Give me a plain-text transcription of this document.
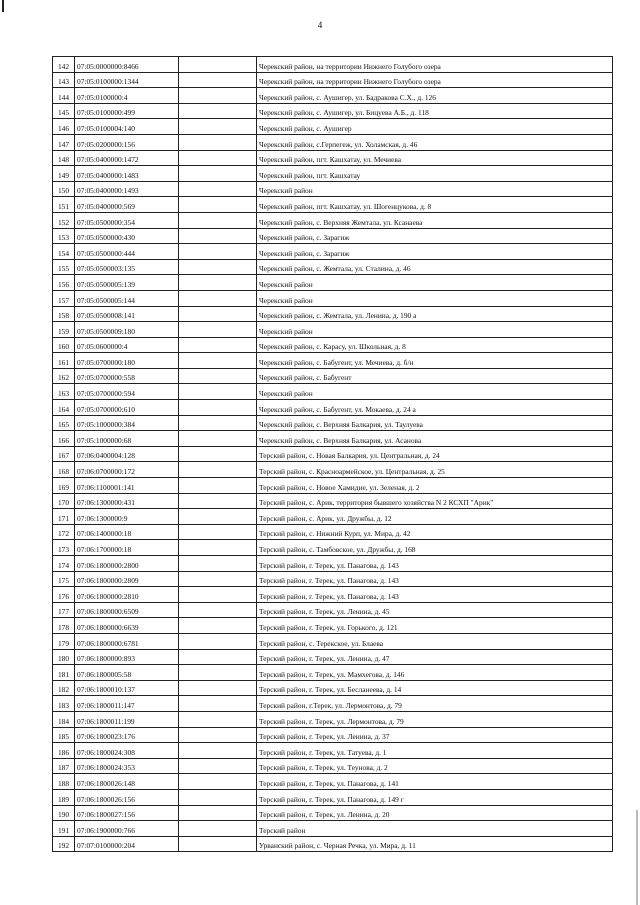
4
142	07:05:0000000:8466		Черекский район, на территории Нижнего Голубого озера
143	07:05:0100000:1344		Черекский район, на территории Нижнего Голубого озера
144	07:05:0100000:4		Черекский район, с. Аушигер, ул. Бадракова С.Х., д. 126
145	07:05:0100000:499		Черекский район, с. Аушигер, ул. Бицуева А.Б., д. 118
146	07:05:0100004:140		Черекский район, с. Аушигер
147	07:05:0200000:156		Черекский район, с.Герпегеж, ул. Холамская, д. 46
148	07:05:0400000:1472		Черекский район, пгт. Кашхатау, ул. Мечиева
149	07:05:0400000:1483		Черекский район, пгт. Кашхатау
150	07:05:0400000:1493		Черекский район
151	07:05:0400000:569		Черекский район, пгт. Кашхатау, ул. Шогенцукова, д. 8
152	07:05:0500000:354		Черекский район, с. Верхняя Жемтала, ул. Ксанаева
153	07:05:0500000:430		Черекский район, с. Зарагиж
154	07:05:0500000:444		Черекский район, с. Зарагиж
155	07:05:0500003:135		Черекский район, с. Жемтала, ул. Сталина, д. 46
156	07:05:0500005:139		Черекский район
157	07:05:0500005:144		Черекский район
158	07:05:0500008:141		Черекский район, с. Жемтала, ул. Ленина, д. 190 а
159	07:05:0500009:180		Черекский район
160	07:05:0600000:4		Черекский район, с. Карасу, ул. Школьная, д. 8
161	07:05:0700000:180		Черекский район, с. Бабугент, ул. Мечиева, д. б/н
162	07:05:0700000:558		Черекский район, с. Бабугент
163	07:05:0700000:594		Черекский район
164	07:05:0700000:610		Черекский район, с. Бабугент, ул. Мокаева, д. 24 а
165	07:05:1000000:384		Черекский район, с. Верхняя Балкария, ул. Таулуева
166	07:05:1000000:68		Черекский район, с. Верхняя Балкария, ул. Асанова
167	07:06:0400004:128		Терский район, с. Новая Балкария, ул. Центральная, д. 24
168	07:06:0700000:172		Терский район, с. Красноармейское, ул. Центральная, д. 25
169	07:06:1100001:141		Терский район, с. Новое Хамидие, ул. Зеленая, д. 2
170	07:06:1300000:431		Терский район, с. Арик, территория бывшего хозяйства N 2 КСХП "Арик"
171	07:06:1300000:9		Терский район, с. Арик, ул. Дружбы, д. 12
172	07:06:1400000:18		Терский район, с. Нижний Курп, ул. Мира, д. 42
173	07:06:1700000:18		Терский район, с. Тамбовское, ул. Дружбы, д. 168
174	07:06:1800000:2800		Терский район, г. Терек, ул. Панагова, д. 143
175	07:06:1800000:2809		Терский район, г. Терек, ул. Панагова, д. 143
176	07:06:1800000:2810		Терский район, г. Терек, ул. Панагова, д. 143
177	07:06:1800000:6509		Терский район, г. Терек, ул. Ленина, д. 45
178	07:06:1800000:6639		Терский район, г. Терек, ул. Горького, д. 121
179	07:06:1800000:6781		Терский район, с. Терекское, ул. Блаева
180	07:06:1800000:893		Терский район, г. Терек, ул. Ленина, д. 47
181	07:06:1800005:58		Терский район, г. Терек, ул. Мамхегова, д. 146
182	07:06:1800010:137		Терский район, г. Терек, ул. Бесланеева, д. 14
183	07:06:1800011:147		Терский район, г.Терек, ул. Лермонтова, д. 79
184	07:06:1800011:199		Терский район, г. Терек, ул. Лермонтова, д. 79
185	07:06:1800023:176		Терский район, г. Терек, ул. Ленина, д. 37
186	07:06:1800024:308		Терский район, г. Терек, ул. Татуева, д. 1
187	07:06:1800024:353		Терский район, г. Терек, ул. Теунова, д. 2
188	07:06:1800026:148		Терский район, г. Терек, ул. Панагова, д. 141
189	07:06:1800026:156		Терский район, г. Терек, ул. Панагова, д. 149 г
190	07:06:1800027:156		Терский район, г. Терек, ул. Ленина, д. 20
191	07:06:1900000:766		Терский район
192	07:07:0100000:204		Урванский район, с. Черная Речка, ул. Мира, д. 11
